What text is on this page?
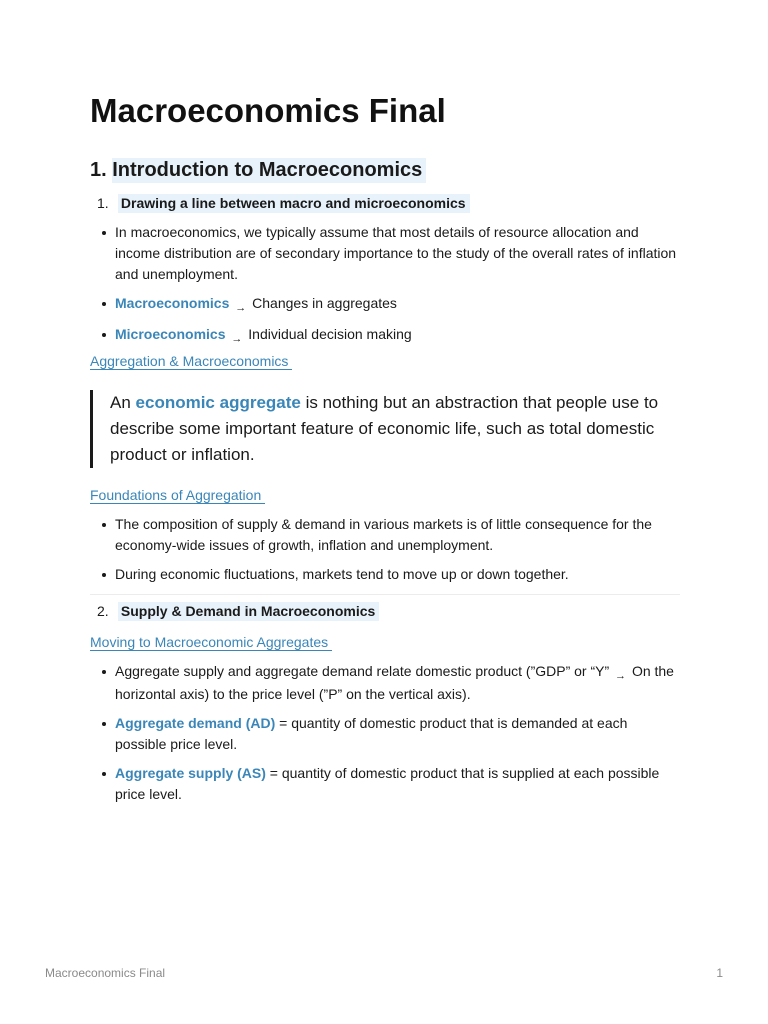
Macroeconomics Final
1. Introduction to Macroeconomics
1. Drawing a line between macro and microeconomics
In macroeconomics, we typically assume that most details of resource allocation and income distribution are of secondary importance to the study of the overall rates of inflation and unemployment.
Macroeconomics $_\to$ Changes in aggregates
Microeconomics $_\to$ Individual decision making
Aggregation & Macroeconomics
An economic aggregate is nothing but an abstraction that people use to describe some important feature of economic life, such as total domestic product or inflation.
Foundations of Aggregation
The composition of supply & demand in various markets is of little consequence for the economy-wide issues of growth, inflation and unemployment.
During economic fluctuations, markets tend to move up or down together.
2. Supply & Demand in Macroeconomics
Moving to Macroeconomic Aggregates
Aggregate supply and aggregate demand relate domestic product (”GDP” or “Y” $_\to$ On the horizontal axis) to the price level (”P” on the vertical axis).
Aggregate demand (AD) = quantity of domestic product that is demanded at each possible price level.
Aggregate supply (AS) = quantity of domestic product that is supplied at each possible price level.
Macroeconomics Final	1
